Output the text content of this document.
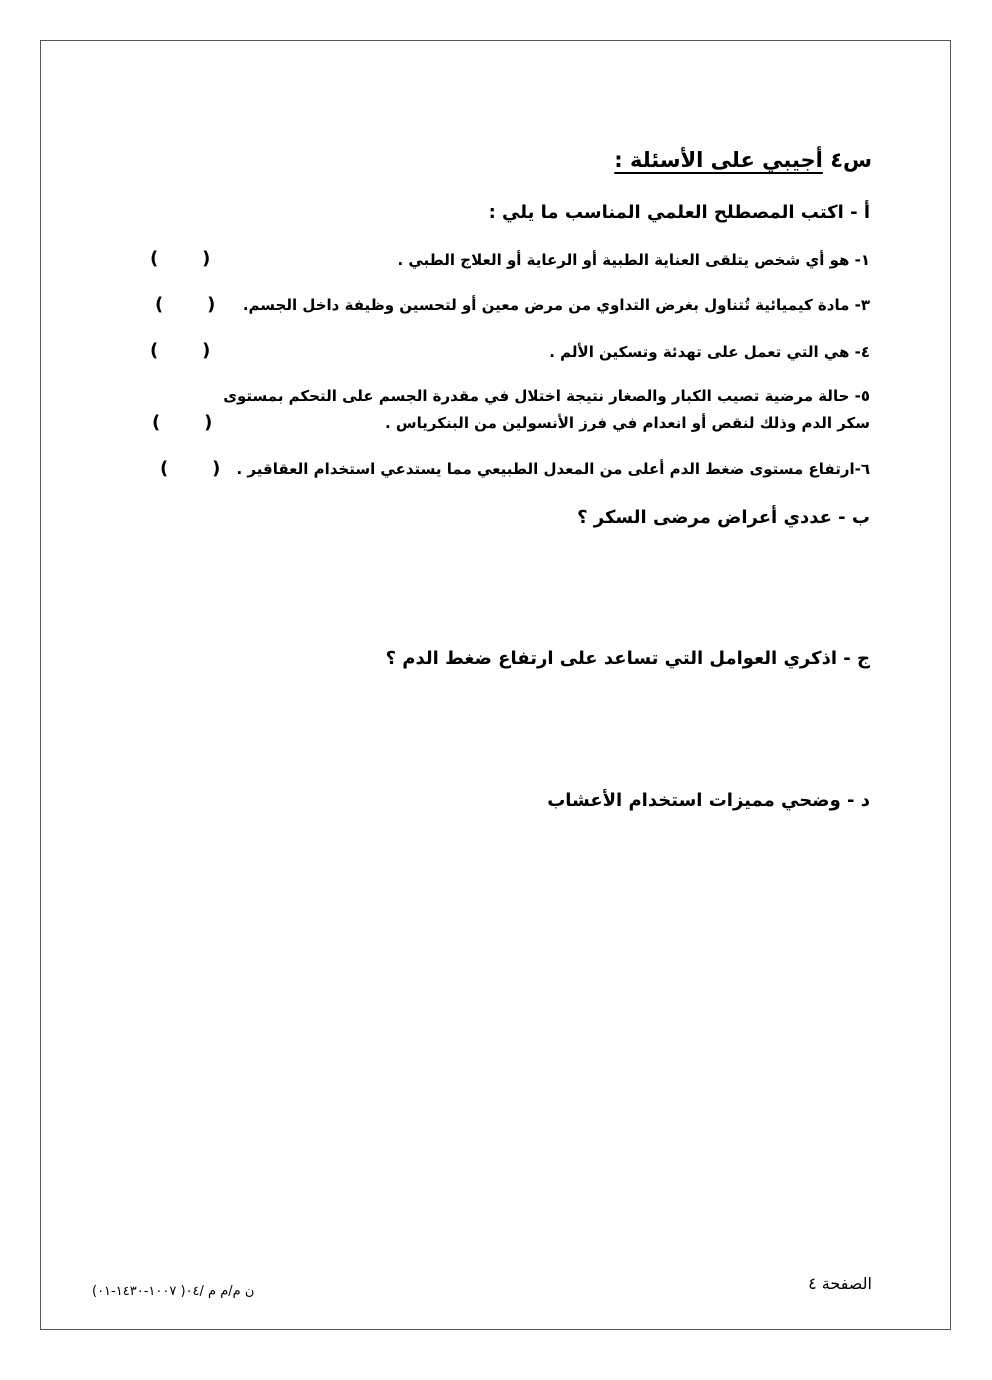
س٤ أجيبي على الأسئلة :
أ - اكتب المصطلح العلمي المناسب ما يلي :
١- هو أي شخص يتلقى العناية الطبية أو الرعاية أو العلاج الطبي .
(       )
٣- مادة كيميائية تُتناول بغرض التداوي من مرض معين أو لتحسين وظيفة داخل الجسم.
(       )
٤- هي التي تعمل على تهدئة وتسكين الألم .
(       )
٥- حالة مرضية تصيب الكبار والصغار نتيجة اختلال في مقدرة الجسم على التحكم بمستوى
سكر الدم وذلك لنقص أو انعدام في فرز الأنسولين من البنكرياس .
(       )
٦-ارتفاع مستوى ضغط الدم أعلى من المعدل الطبيعي مما يستدعي استخدام العقاقير .
(       )
ب - عددي أعراض مرضى السكر ؟
ج - اذكري العوامل التي تساعد على ارتفاع ضغط الدم ؟
د - وضحي مميزات استخدام الأعشاب
الصفحة ٤
ن م/م م /٠٤( ١٠٠٧-١٤٣٠-٠١)
